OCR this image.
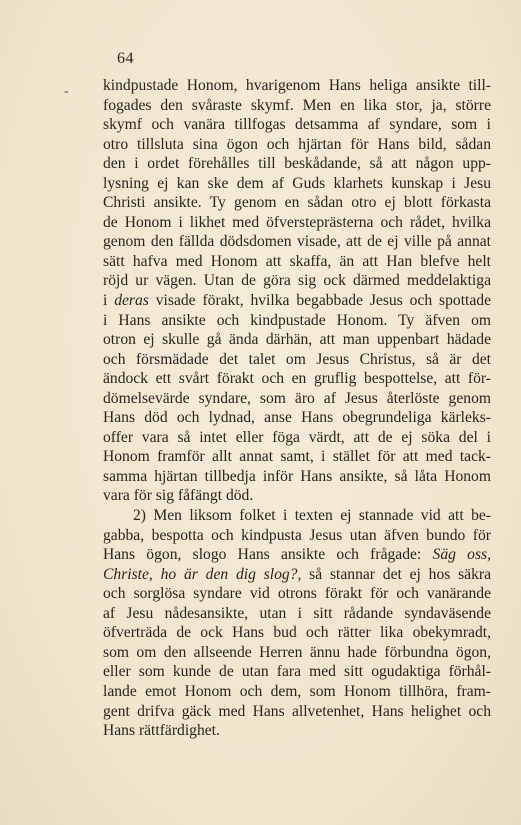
64
- kindpustade Honom, hvarigenom Hans heliga ansikte till-
fogades den svåraste skymf. Men en lika stor, ja, större
skymf och vanära tillfogas detsamma af syndare, som i
otro tillsluta sina ögon och hjärtan för Hans bild, sådan
den i ordet förehålles till beskådande, så att någon upp-
lysning ej kan ske dem af Guds klarhets kunskap i Jesu
Christi ansikte. Ty genom en sådan otro ej blott förkasta
de Honom i likhet med öfversteprästerna och rådet, hvilka
genom den fällda dödsdomen visade, att de ej ville på annat
sätt hafva med Honom att skaffa, än att Han blefve helt
röjd ur vägen. Utan de göra sig ock därmed meddelaktiga
i deras visade förakt, hvilka begabbade Jesus och spottade
i Hans ansikte och kindpustade Honom. Ty äfven om
otron ej skulle gå ända därhän, att man uppenbart hädade
och försmädade det talet om Jesus Christus, så är det
ändock ett svårt förakt och en gruflig bespottelse, att för-
dömelsevärde syndare, som äro af Jesus återlöste genom
Hans död och lydnad, anse Hans obegrundeliga kärleks-
offer vara så intet eller föga värdt, att de ej söka del i
Honom framför allt annat samt, i stället för att med tack-
samma hjärtan tillbedja inför Hans ansikte, så låta Honom
vara för sig fåfängt död.
2) Men liksom folket i texten ej stannade vid att be-
gabba, bespotta och kindpusta Jesus utan äfven bundo för
Hans ögon, slogo Hans ansikte och frågade: Säg oss,
Christe, ho är den dig slog?, så stannar det ej hos säkra
och sorglösa syndare vid otrons förakt för och vanärande
af Jesu nådesansikte, utan i sitt rådande syndaväsende
öfverträda de ock Hans bud och rätter lika obekymradt,
som om den allseende Herren ännu hade förbundna ögon,
eller som kunde de utan fara med sitt ogudaktiga förhål-
lande emot Honom och dem, som Honom tillhöra, fram-
gent drifva gäck med Hans allvetenhet, Hans helighet och
Hans rättfärdighet.
